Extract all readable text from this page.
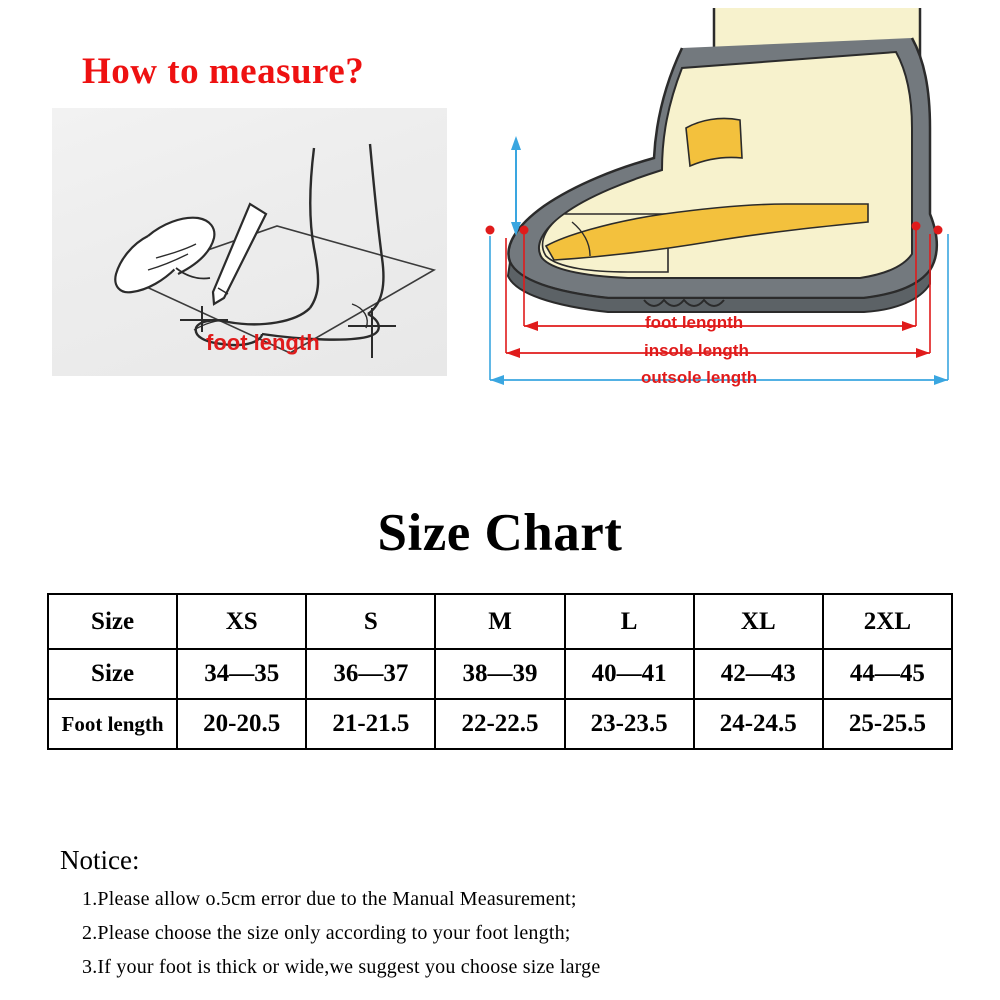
How to measure?
foot length
foot lengnth
insole length
outsole length
Size Chart
Size	XS	S	M	L	XL	2XL
Size	34—35	36—37	38—39	40—41	42—43	44—45
Foot length	20-20.5	21-21.5	22-22.5	23-23.5	24-24.5	25-25.5
Notice:
1.Please allow o.5cm error due to the Manual Measurement;
2.Please choose the size only according to your foot length;
3.If your foot is thick or wide,we suggest you choose size large
